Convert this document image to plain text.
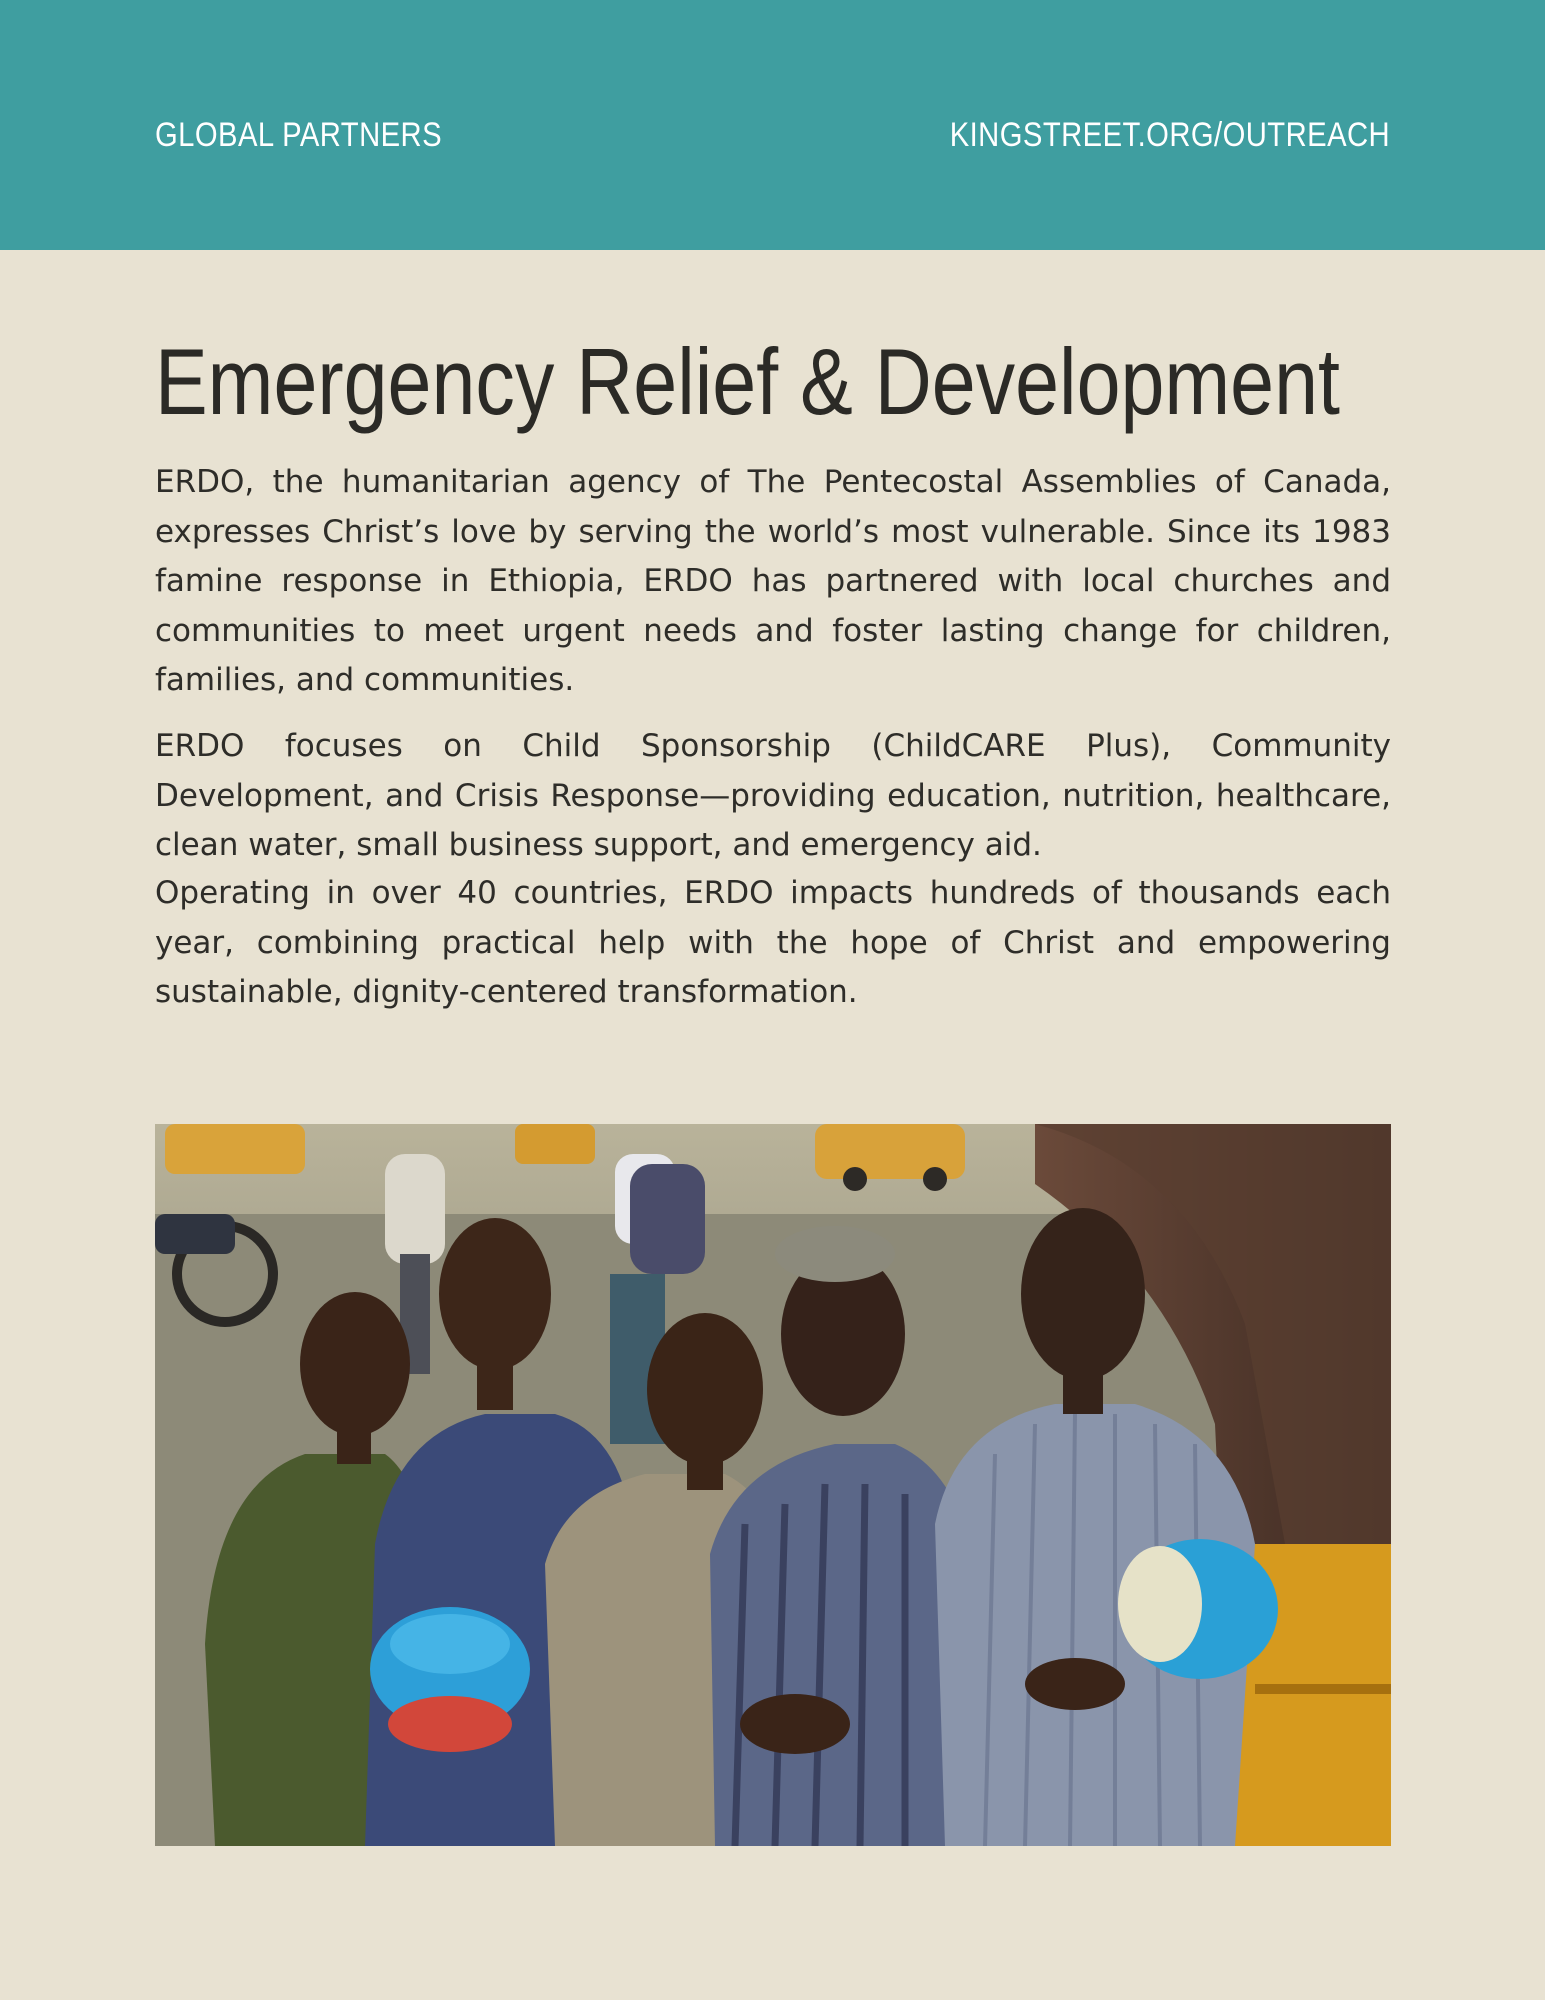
GLOBAL PARTNERS	KINGSTREET.ORG/OUTREACH
Emergency Relief & Development

ERDO, the humanitarian agency of The Pentecostal Assemblies of Canada, expresses Christ’s love by serving the world’s most vulnerable. Since its 1983 famine response in Ethiopia, ERDO has partnered with local churches and communities to meet urgent needs and foster lasting change for children, families, and communities.

ERDO focuses on Child Sponsorship (ChildCARE Plus), Community Development, and Crisis Response—providing education, nutrition, healthcare, clean water, small business support, and emergency aid.

Operating in over 40 countries, ERDO impacts hundreds of thousands each year, combining practical help with the hope of Christ and empowering sustainable, dignity-centered transformation.
